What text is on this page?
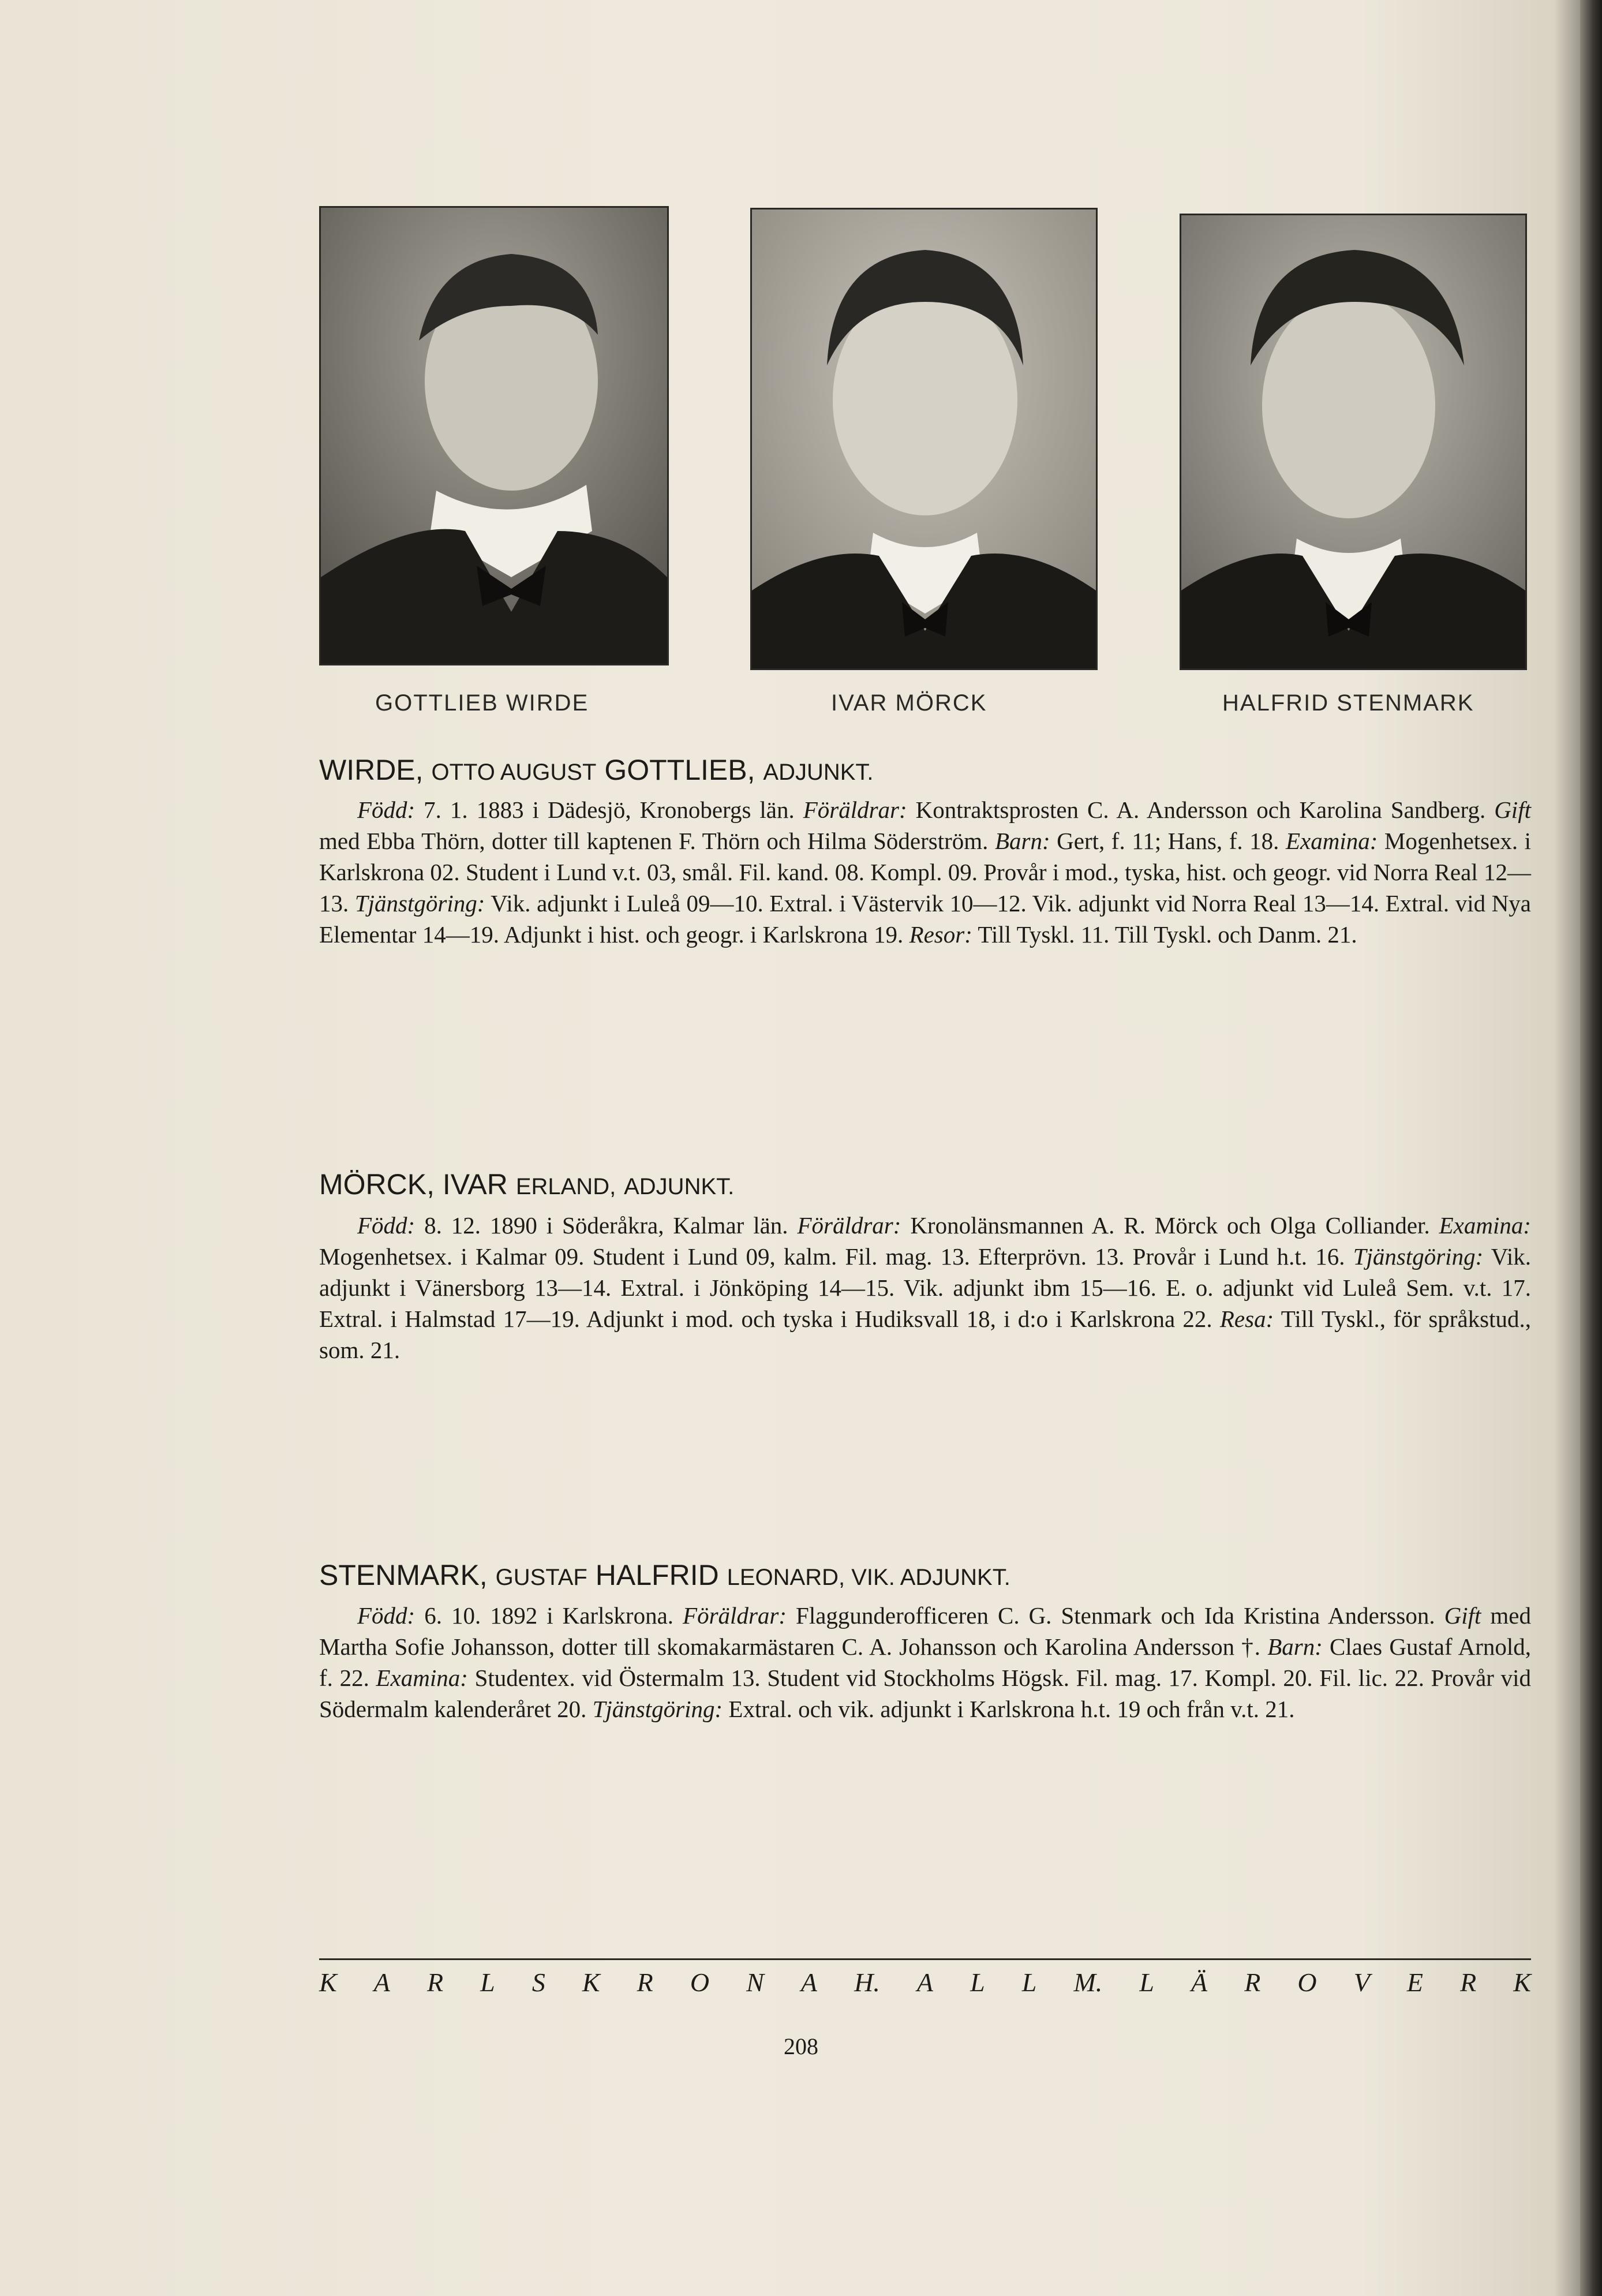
GOTTLIEB WIRDE	IVAR MÖRCK	HALFRID STENMARK
WIRDE, OTTO AUGUST GOTTLIEB, ADJUNKT.
Född: 7. 1. 1883 i Dädesjö, Kronobergs län. Föräldrar: Kontraktsprosten C. A. Andersson och Karolina Sandberg. Gift med Ebba Thörn, dotter till kaptenen F. Thörn och Hilma Söderström. Barn: Gert, f. 11; Hans, f. 18. Examina: Mogenhetsex. i Karlskrona 02. Student i Lund v.t. 03, smål. Fil. kand. 08. Kompl. 09. Provår i mod., tyska, hist. och geogr. vid Norra Real 12—13. Tjänstgöring: Vik. adjunkt i Luleå 09—10. Extral. i Västervik 10—12. Vik. adjunkt vid Norra Real 13—14. Extral. vid Nya Elementar 14—19. Adjunkt i hist. och geogr. i Karlskrona 19. Resor: Till Tyskl. 11. Till Tyskl. och Danm. 21.
MÖRCK, IVAR ERLAND, ADJUNKT.
Född: 8. 12. 1890 i Söderåkra, Kalmar län. Föräldrar: Kronolänsmannen A. R. Mörck och Olga Colliander. Examina: Mogenhetsex. i Kalmar 09. Student i Lund 09, kalm. Fil. mag. 13. Efterprövn. 13. Provår i Lund h.t. 16. Tjänstgöring: Vik. adjunkt i Vänersborg 13—14. Extral. i Jönköping 14—15. Vik. adjunkt ibm 15—16. E. o. adjunkt vid Luleå Sem. v.t. 17. Extral. i Halmstad 17—19. Adjunkt i mod. och tyska i Hudiksvall 18, i d:o i Karlskrona 22. Resa: Till Tyskl., för språkstud., som. 21.
STENMARK, GUSTAF HALFRID LEONARD, VIK. ADJUNKT.
Född: 6. 10. 1892 i Karlskrona. Föräldrar: Flaggunderofficeren C. G. Stenmark och Ida Kristina Andersson. Gift med Martha Sofie Johansson, dotter till skomakarmästaren C. A. Johansson och Karolina Andersson †. Barn: Claes Gustaf Arnold, f. 22. Examina: Studentex. vid Östermalm 13. Student vid Stockholms Högsk. Fil. mag. 17. Kompl. 20. Fil. lic. 22. Provår vid Södermalm kalenderåret 20. Tjänstgöring: Extral. och vik. adjunkt i Karlskrona h.t. 19 och från v.t. 21.
K A R L S K R O N A H. A L L M. L Ä R O V E R K
208
